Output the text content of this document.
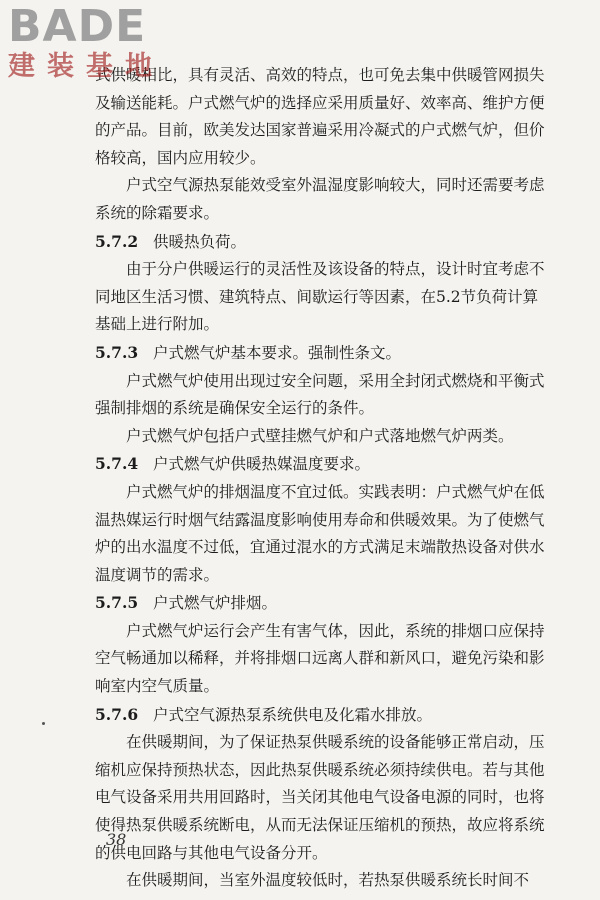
BADE
建装基地

式供暖相比，具有灵活、高效的特点，也可免去集中供暖管网损失及输送能耗。户式燃气炉的选择应采用质量好、效率高、维护方便的产品。目前，欧美发达国家普遍采用冷凝式的户式燃气炉，但价格较高，国内应用较少。

户式空气源热泵能效受室外温湿度影响较大，同时还需要考虑系统的除霜要求。

5.7.2 供暖热负荷。

由于分户供暖运行的灵活性及该设备的特点，设计时宜考虑不同地区生活习惯、建筑特点、间歇运行等因素，在5.2节负荷计算基础上进行附加。

5.7.3 户式燃气炉基本要求。强制性条文。

户式燃气炉使用出现过安全问题，采用全封闭式燃烧和平衡式强制排烟的系统是确保安全运行的条件。

户式燃气炉包括户式壁挂燃气炉和户式落地燃气炉两类。

5.7.4 户式燃气炉供暖热媒温度要求。

户式燃气炉的排烟温度不宜过低。实践表明：户式燃气炉在低温热媒运行时烟气结露温度影响使用寿命和供暖效果。为了使燃气炉的出水温度不过低，宜通过混水的方式满足末端散热设备对供水温度调节的需求。

5.7.5 户式燃气炉排烟。

户式燃气炉运行会产生有害气体，因此，系统的排烟口应保持空气畅通加以稀释，并将排烟口远离人群和新风口，避免污染和影响室内空气质量。

5.7.6 户式空气源热泵系统供电及化霜水排放。

在供暖期间，为了保证热泵供暖系统的设备能够正常启动，压缩机应保持预热状态，因此热泵供暖系统必须持续供电。若与其他电气设备采用共用回路时，当关闭其他电气设备电源的同时，也将使得热泵供暖系统断电，从而无法保证压缩机的预热，故应将系统的供电回路与其他电气设备分开。

在供暖期间，当室外温度较低时，若热泵供暖系统长时间不

38
